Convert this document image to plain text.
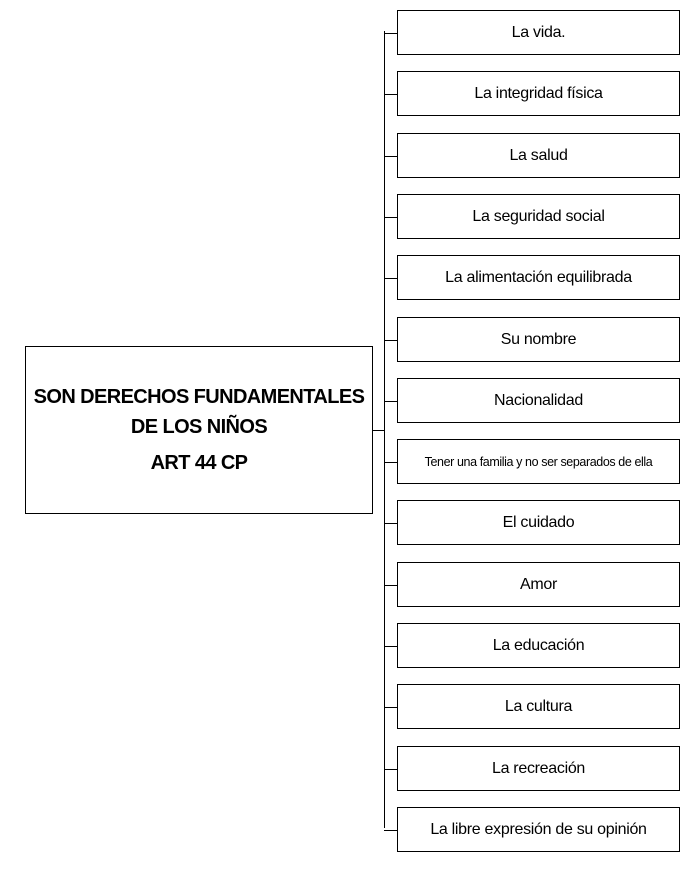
SON DERECHOS FUNDAMENTALES
DE LOS NIÑOS
ART 44 CP
La vida.
La integridad física
La salud
La seguridad social
La alimentación equilibrada
Su nombre
Nacionalidad
Tener una familia y no ser separados de ella
El cuidado
Amor
La educación
La cultura
La recreación
La libre expresión de su opinión
